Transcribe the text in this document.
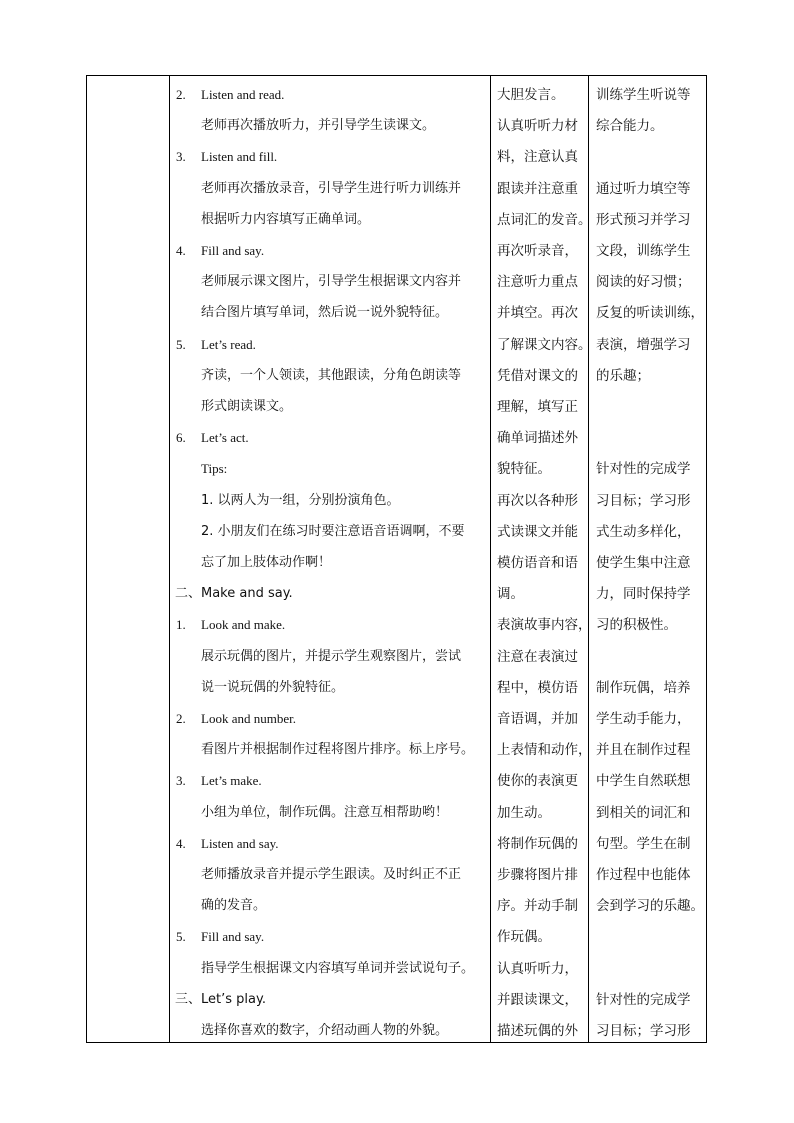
2. Listen and read.
老师再次播放听力，并引导学生读课文。
3. Listen and fill.
老师再次播放录音，引导学生进行听力训练并
根据听力内容填写正确单词。
4. Fill and say.
老师展示课文图片，引导学生根据课文内容并
结合图片填写单词，然后说一说外貌特征。
5. Let’s read.
齐读，一个人领读，其他跟读，分角色朗读等
形式朗读课文。
6. Let’s act.
Tips:
1. 以两人为一组，分别扮演角色。
2. 小朋友们在练习时要注意语音语调啊，不要
忘了加上肢体动作啊！
二、Make and say.
1. Look and make.
展示玩偶的图片，并提示学生观察图片，尝试
说一说玩偶的外貌特征。
2. Look and number.
看图片并根据制作过程将图片排序。标上序号。
3. Let’s make.
小组为单位，制作玩偶。注意互相帮助哟！
4. Listen and say.
老师播放录音并提示学生跟读。及时纠正不正
确的发音。
5. Fill and say.
指导学生根据课文内容填写单词并尝试说句子。
三、Let’s play.
选择你喜欢的数字，介绍动画人物的外貌。
大胆发言。
认真听听力材
料，注意认真
跟读并注意重
点词汇的发音。
再次听录音，
注意听力重点
并填空。再次
了解课文内容。
凭借对课文的
理解，填写正
确单词描述外
貌特征。
再次以各种形
式读课文并能
模仿语音和语
调。
表演故事内容，
注意在表演过
程中，模仿语
音语调，并加
上表情和动作，
使你的表演更
加生动。
将制作玩偶的
步骤将图片排
序。并动手制
作玩偶。
认真听听力，
并跟读课文，
描述玩偶的外
训练学生听说等
综合能力。
通过听力填空等
形式预习并学习
文段，训练学生
阅读的好习惯；
反复的听读训练，
表演，增强学习
的乐趣；
针对性的完成学
习目标；学习形
式生动多样化，
使学生集中注意
力，同时保持学
习的积极性。
制作玩偶，培养
学生动手能力，
并且在制作过程
中学生自然联想
到相关的词汇和
句型。学生在制
作过程中也能体
会到学习的乐趣。
针对性的完成学
习目标；学习形
